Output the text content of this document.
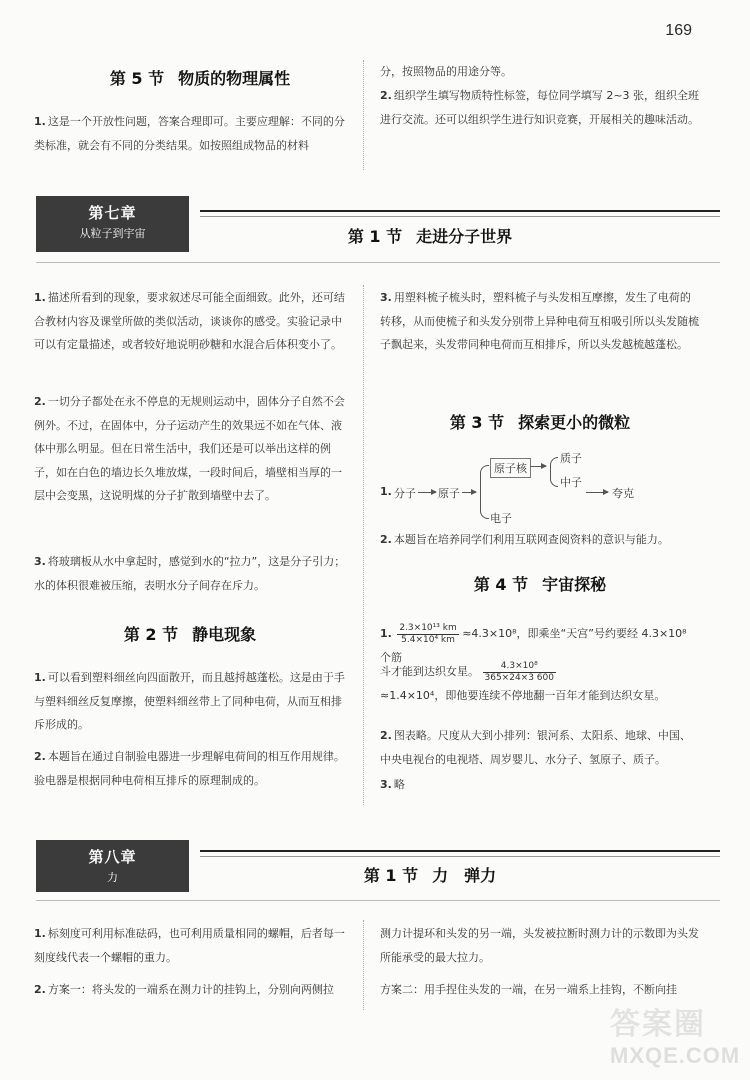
169
第 5 节 物质的物理属性

1. 这是一个开放性问题，答案合理即可。主要应理解：不同的分类标准，就会有不同的分类结果。如按照组成物品的材料

分，按照物品的用途分等。

2. 组织学生填写物质特性标签，每位同学填写 2~3 张，组织全班进行交流。还可以组织学生进行知识竞赛，开展相关的趣味活动。

第七章
从粒子到宇宙	第 1 节 走进分子世界

1. 描述所看到的现象，要求叙述尽可能全面细致。此外，还可结合教材内容及课堂所做的类似活动，谈谈你的感受。实验记录中可以有定量描述，或者较好地说明砂糖和水混合后体积变小了。

2. 一切分子都处在永不停息的无规则运动中，固体分子自然不会例外。不过，在固体中，分子运动产生的效果远不如在气体、液体中那么明显。但在日常生活中，我们还是可以举出这样的例子，如在白色的墙边长久堆放煤，一段时间后，墙壁相当厚的一层中会变黑，这说明煤的分子扩散到墙壁中去了。

3. 将玻璃板从水中拿起时，感觉到水的“拉力”，这是分子引力；水的体积很难被压缩，表明水分子间存在斥力。

第 2 节 静电现象

1. 可以看到塑料细丝向四面散开，而且越捋越蓬松。这是由于手与塑料细丝反复摩擦，使塑料细丝带上了同种电荷，从而互相排斥形成的。

2. 本题旨在通过自制验电器进一步理解电荷间的相互作用规律。验电器是根据同种电荷相互排斥的原理制成的。

3. 用塑料梳子梳头时，塑料梳子与头发相互摩擦，发生了电荷的转移，从而使梳子和头发分别带上异种电荷互相吸引所以头发随梳子飘起来，头发带同种电荷而互相排斥，所以头发越梳越蓬松。

第 3 节 探索更小的微粒
1. 分子 原子
原子核
电子
质子
中子
夸克

2. 本题旨在培养同学们利用互联网查阅资料的意识与能力。

第 4 节 宇宙探秘
1. $\frac{\text{2.3×10¹³ km}}{\text{5.4×10⁴ km}} \approx 4.3\times 10^8$，即乘坐“天宫”号约要经 4.3×10⁸ 个筋
斗才能到达织女星。 $\frac{\text{4.3×10⁸}}{365\times 24\times 3 600}$

≈1.4×10⁴，即他要连续不停地翻一百年才能到达织女星。

2. 图表略。尺度从大到小排列：银河系、太阳系、地球、中国、中央电视台的电视塔、周岁婴儿、水分子、氢原子、质子。

3. 略

第八章
力	第 1 节 力　弹力

1. 标刻度可利用标准砝码，也可利用质量相同的螺帽，后者每一刻度线代表一个螺帽的重力。

2. 方案一：将头发的一端系在测力计的挂钩上，分别向两侧拉

测力计提环和头发的另一端，头发被拉断时测力计的示数即为头发所能承受的最大拉力。

方案二：用手捏住头发的一端，在另一端系上挂钩，不断向挂

答案圈
MXQE.COM
